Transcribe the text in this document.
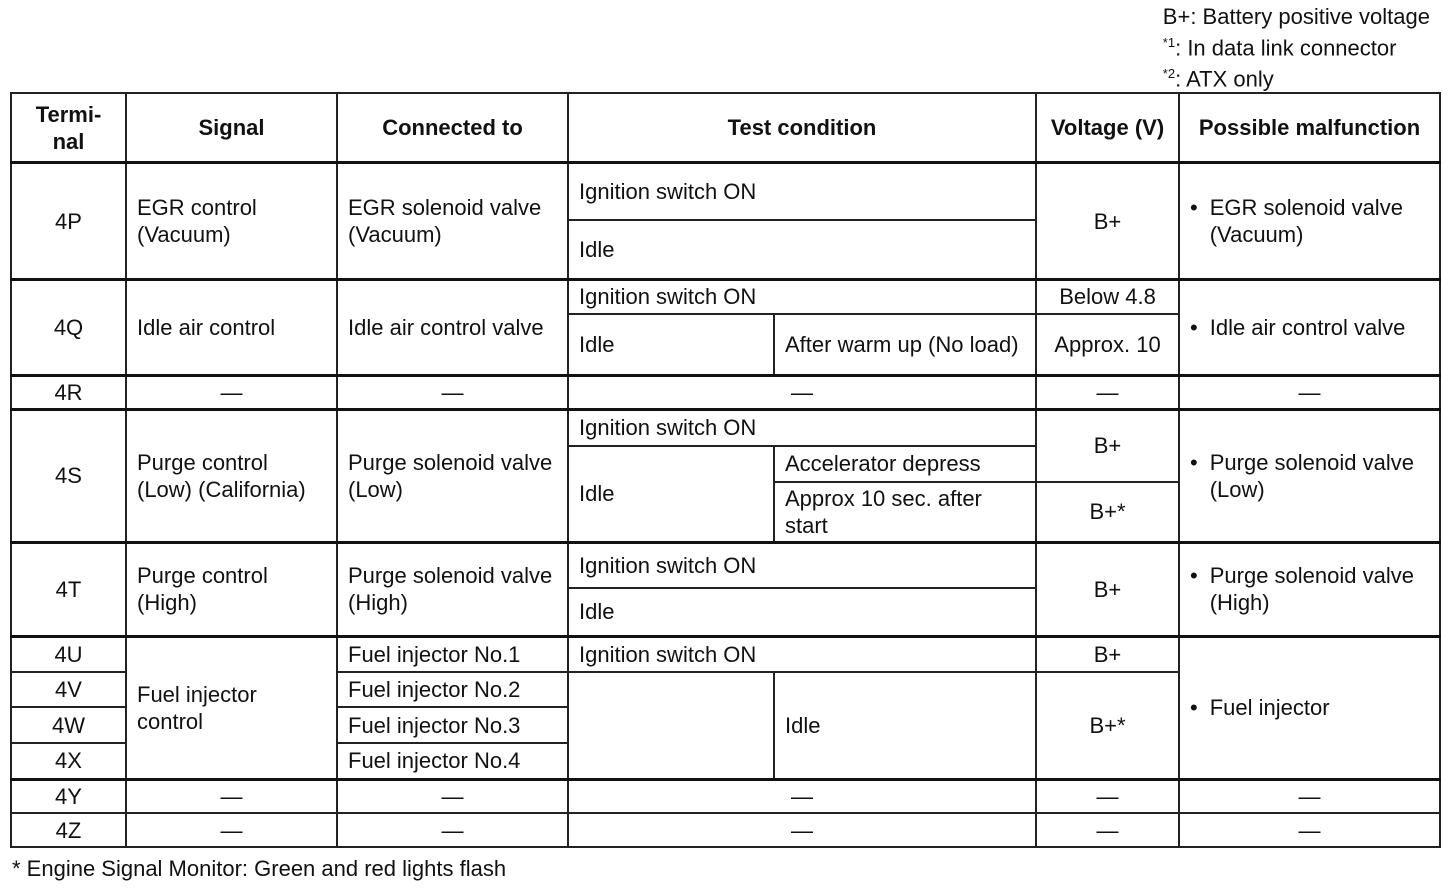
B+: Battery positive voltage
$^{*1}$: In data link connector
$^{*2}$: ATX only
Termi-nal	Signal	Connected to	Test condition		Voltage (V)	Possible malfunction
4P	EGR control (Vacuum)	EGR solenoid valve (Vacuum)	Ignition switch ON		B+	• EGR solenoid valve (Vacuum)

			Idle			
4Q	Idle air control	Idle air control valve	Ignition switch ON		Below 4.8	• Idle air control valve

			Idle	After warm up (No load)	Approx. 10	
4R	—	—	—		—	—
4S	Purge control (Low) (California)	Purge solenoid valve (Low)	Ignition switch ON		B+	• Purge solenoid valve (Low)

			Idle	Accelerator depress		
				Approx 10 sec. after start	B+*	
4T	Purge control (High)	Purge solenoid valve (High)	Ignition switch ON		B+	• Purge solenoid valve (High)

			Idle			
4U	Fuel injector control	Fuel injector No.1	Ignition switch ON		B+	• Fuel injector

4V		Fuel injector No.2		Idle	B+*	
4W		Fuel injector No.3				
4X		Fuel injector No.4				
4Y	—	—	—		—	—
4Z	—	—	—		—	—
* Engine Signal Monitor: Green and red lights flash
